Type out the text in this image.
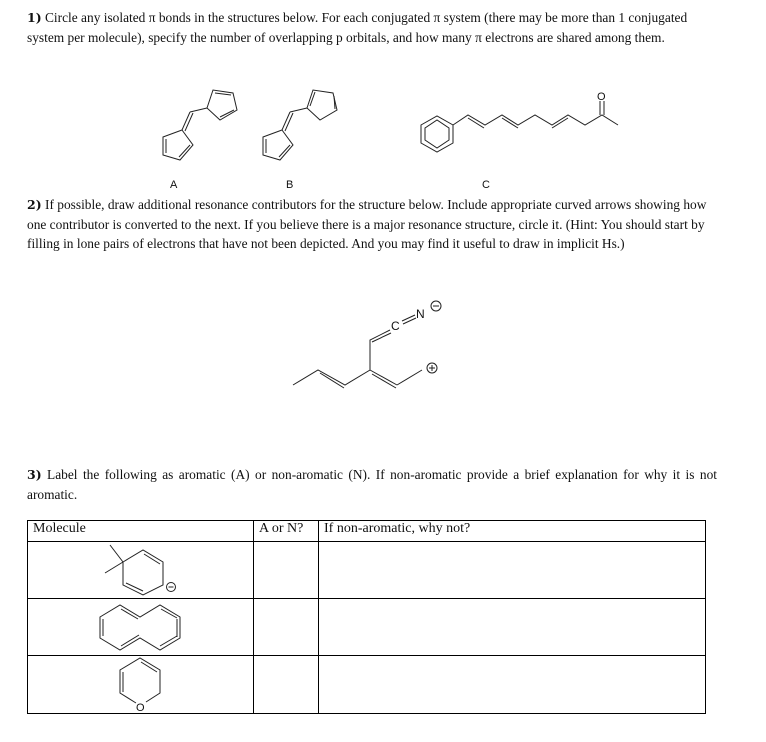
1) Circle any isolated π bonds in the structures below. For each conjugated π system (there may be more than 1 conjugated system per molecule), specify the number of overlapping p orbitals, and how many π electrons are shared among them.
2) If possible, draw additional resonance contributors for the structure below. Include appropriate curved arrows showing how one contributor is converted to the next. If you believe there is a major resonance structure, circle it. (Hint: You should start by filling in lone pairs of electrons that have not been depicted. And you may find it useful to draw in implicit Hs.)
3) Label the following as aromatic (A) or non-aromatic (N). If non-aromatic provide a brief explanation for why it is not aromatic.
A	B	C
Molecule	A or N?	If non-aromatic, why not?

O
C
N
O
